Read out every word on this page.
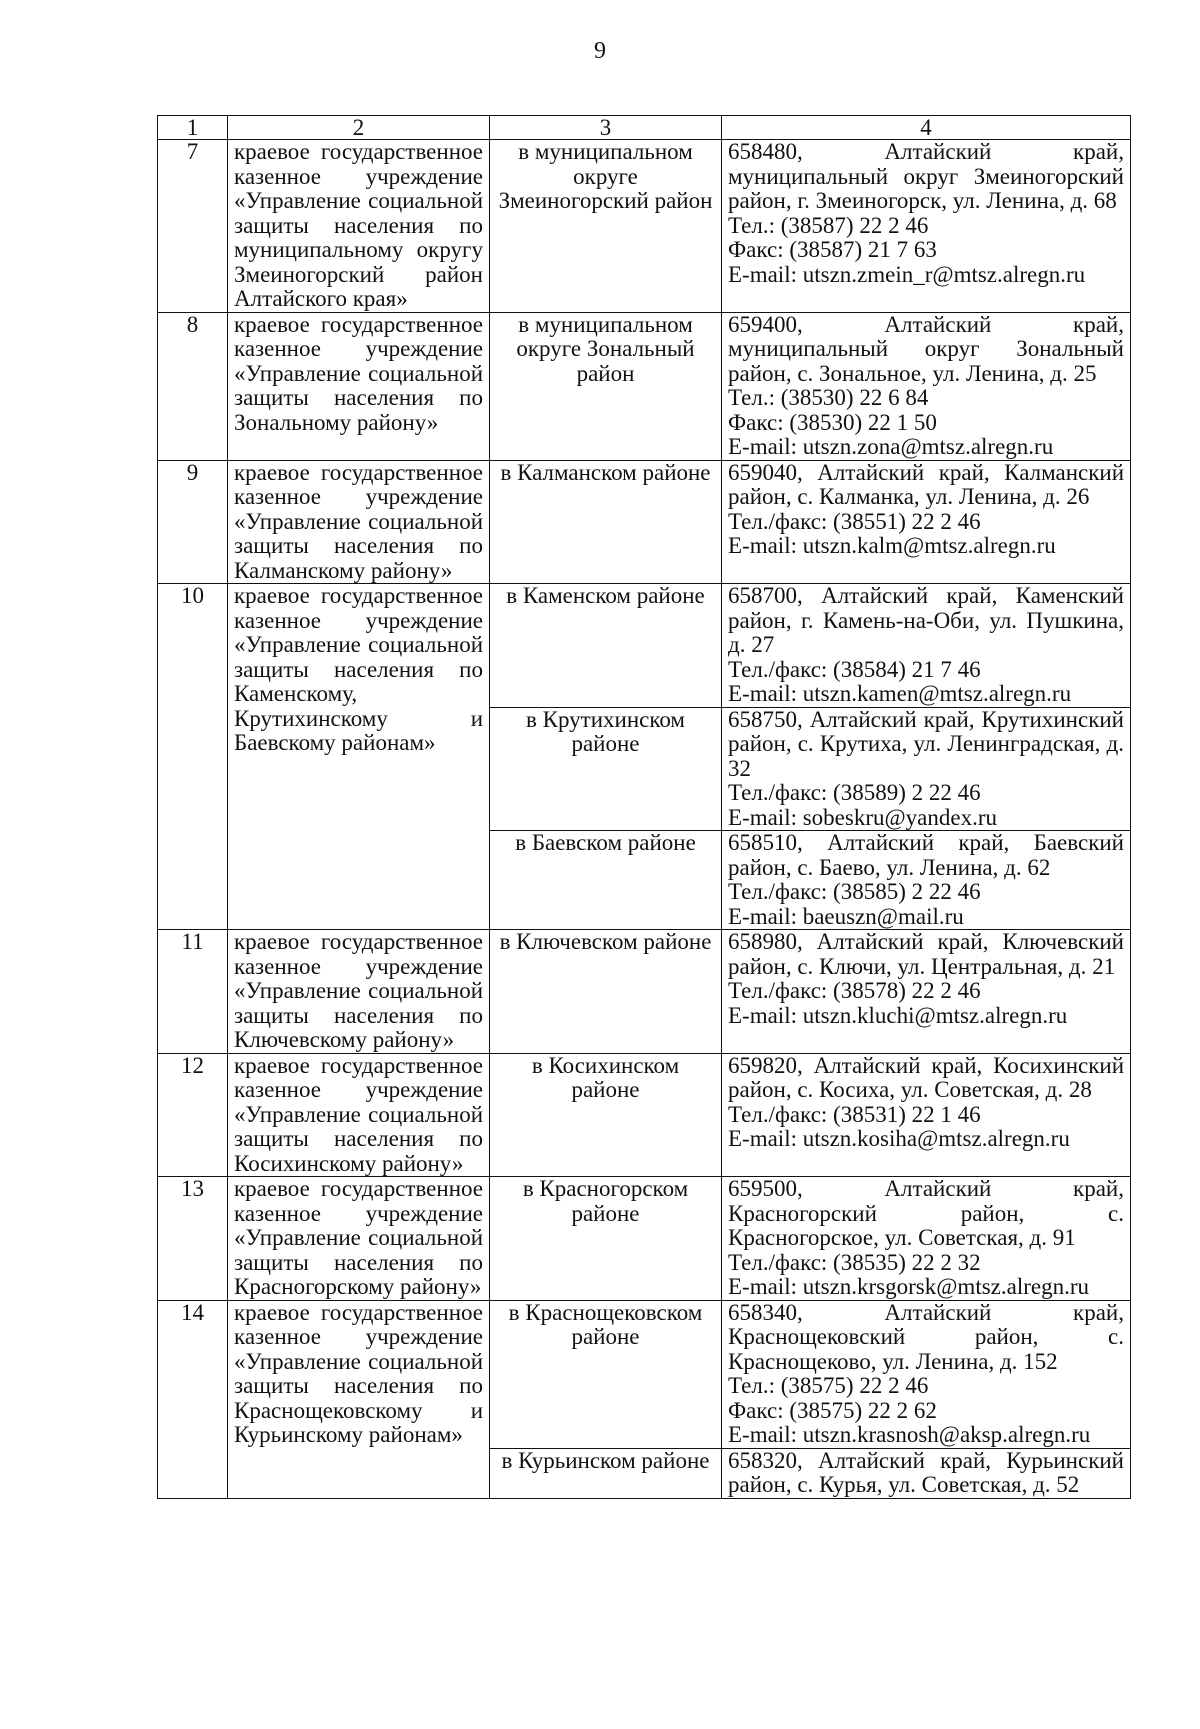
9
1	2	3	4
7	краевое государственное казенное учреждение «Управление социальной защиты населения по муниципальному округу Змеиногорский район Алтайского края»	в муниципальном округе Змеиногорский район	658480, Алтайский край, муниципальный округ Змеиногорский район, г. Змеиногорск, ул. Ленина, д. 68
Тел.: (38587) 22 2 46
Факс: (38587) 21 7 63
E-mail: utszn.zmein_r@mtsz.alregn.ru

8	краевое государственное казенное учреждение «Управление социальной защиты населения по Зональному району»	в муниципальном округе Зональный район	659400, Алтайский край, муниципальный округ Зональный район, с. Зональное, ул. Ленина, д. 25
Тел.: (38530) 22 6 84
Факс: (38530) 22 1 50
E-mail: utszn.zona@mtsz.alregn.ru

9	краевое государственное казенное учреждение «Управление социальной защиты населения по Калманскому району»	в Калманском районе	659040, Алтайский край, Калманский район, с. Калманка, ул. Ленина, д. 26
Тел./факс: (38551) 22 2 46
E-mail: utszn.kalm@mtsz.alregn.ru

10	краевое государственное казенное учреждение «Управление социальной защиты населения по Каменскому, Крутихинскому и Баевскому районам»	в Каменском районе	658700, Алтайский край, Каменский район, г. Камень-на-Оби, ул. Пушкина, д. 27
Тел./факс: (38584) 21 7 46
E-mail: utszn.kamen@mtsz.alregn.ru

		в Крутихинском районе	658750, Алтайский край, Крутихинский район, с. Крутиха, ул. Ленинградская, д. 32
Тел./факс: (38589) 2 22 46
E-mail: sobeskru@yandex.ru

		в Баевском районе	658510, Алтайский край, Баевский район, с. Баево, ул. Ленина, д. 62
Тел./факс: (38585) 2 22 46
E-mail: baeuszn@mail.ru

11	краевое государственное казенное учреждение «Управление социальной защиты населения по Ключевскому району»	в Ключевском районе	658980, Алтайский край, Ключевский район, с. Ключи, ул. Центральная, д. 21
Тел./факс: (38578) 22 2 46
E-mail: utszn.kluchi@mtsz.alregn.ru

12	краевое государственное казенное учреждение «Управление социальной защиты населения по Косихинскому району»	в Косихинском районе	659820, Алтайский край, Косихинский район, с. Косиха, ул. Советская, д. 28
Тел./факс: (38531) 22 1 46
E-mail: utszn.kosiha@mtsz.alregn.ru

13	краевое государственное казенное учреждение «Управление социальной защиты населения по Красногорскому району»	в Красногорском районе	659500, Алтайский край, Красногорский район, с. Красногорское, ул. Советская, д. 91
Тел./факс: (38535) 22 2 32
E-mail: utszn.krsgorsk@mtsz.alregn.ru

14	краевое государственное казенное учреждение «Управление социальной защиты населения по Краснощековскому и Курьинскому районам»	в Краснощековском районе	658340, Алтайский край, Краснощековский район, с. Краснощеково, ул. Ленина, д. 152
Тел.: (38575) 22 2 46
Факс: (38575) 22 2 62
E-mail: utszn.krasnosh@aksp.alregn.ru

		в Курьинском районе	658320, Алтайский край, Курьинский район, с. Курья, ул. Советская, д. 52
